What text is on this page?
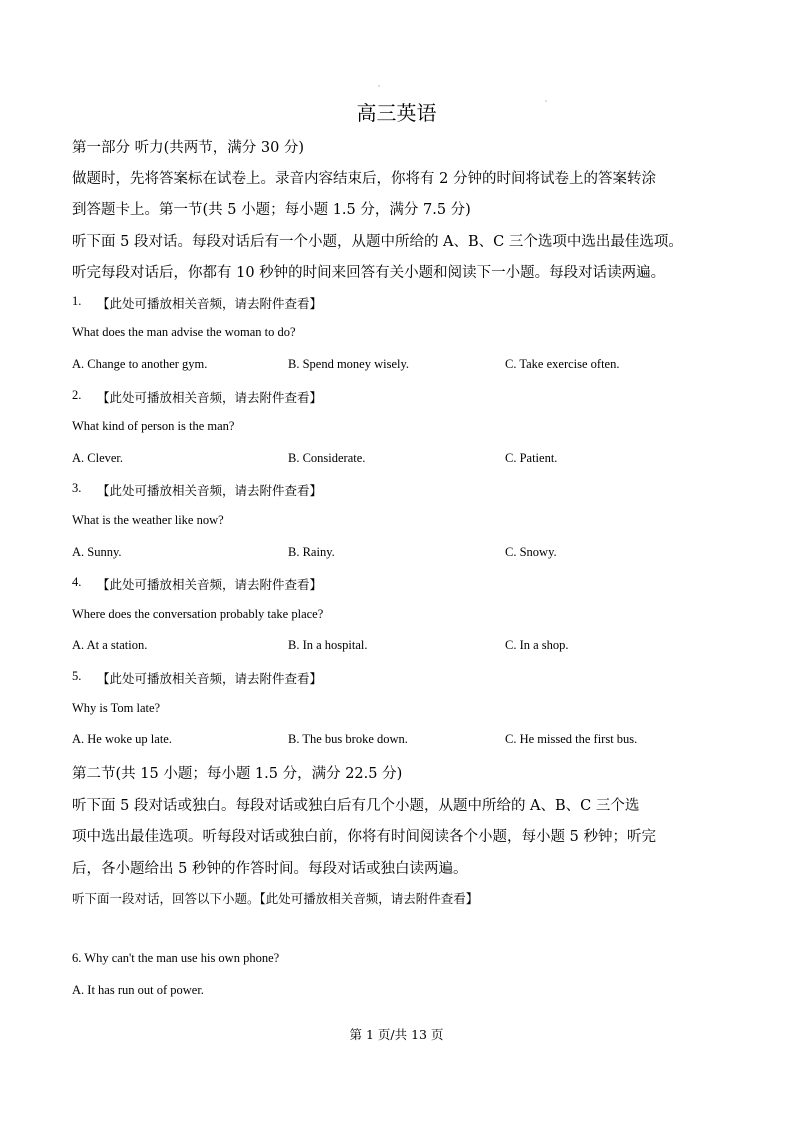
高三英语
第一部分 听力(共两节，满分 30 分)
做题时，先将答案标在试卷上。录音内容结束后，你将有 2 分钟的时间将试卷上的答案转涂
到答题卡上。第一节(共 5 小题；每小题 1.5 分，满分 7.5 分)
听下面 5 段对话。每段对话后有一个小题，从题中所给的 A、B、C 三个选项中选出最佳选项。
听完每段对话后，你都有 10 秒钟的时间来回答有关小题和阅读下一小题。每段对话读两遍。
1. 【此处可播放相关音频，请去附件查看】
What does the man advise the woman to do?
A. Change to another gym.	B. Spend money wisely.	C. Take exercise often.
2. 【此处可播放相关音频，请去附件查看】
What kind of person is the man?
A. Clever.	B. Considerate.	C. Patient.
3. 【此处可播放相关音频，请去附件查看】
What is the weather like now?
A. Sunny.	B. Rainy.	C. Snowy.
4. 【此处可播放相关音频，请去附件查看】
Where does the conversation probably take place?
A. At a station.	B. In a hospital.	C. In a shop.
5. 【此处可播放相关音频，请去附件查看】
Why is Tom late?
A. He woke up late.	B. The bus broke down.	C. He missed the first bus.
第二节(共 15 小题；每小题 1.5 分，满分 22.5 分)
听下面 5 段对话或独白。每段对话或独白后有几个小题，从题中所给的 A、B、C 三个选
项中选出最佳选项。听每段对话或独白前，你将有时间阅读各个小题，每小题 5 秒钟；听完
后，各小题给出 5 秒钟的作答时间。每段对话或独白读两遍。
听下面一段对话，回答以下小题。【此处可播放相关音频，请去附件查看】
6. Why can't the man use his own phone?
A. It has run out of power.
第 1 页/共 13 页
